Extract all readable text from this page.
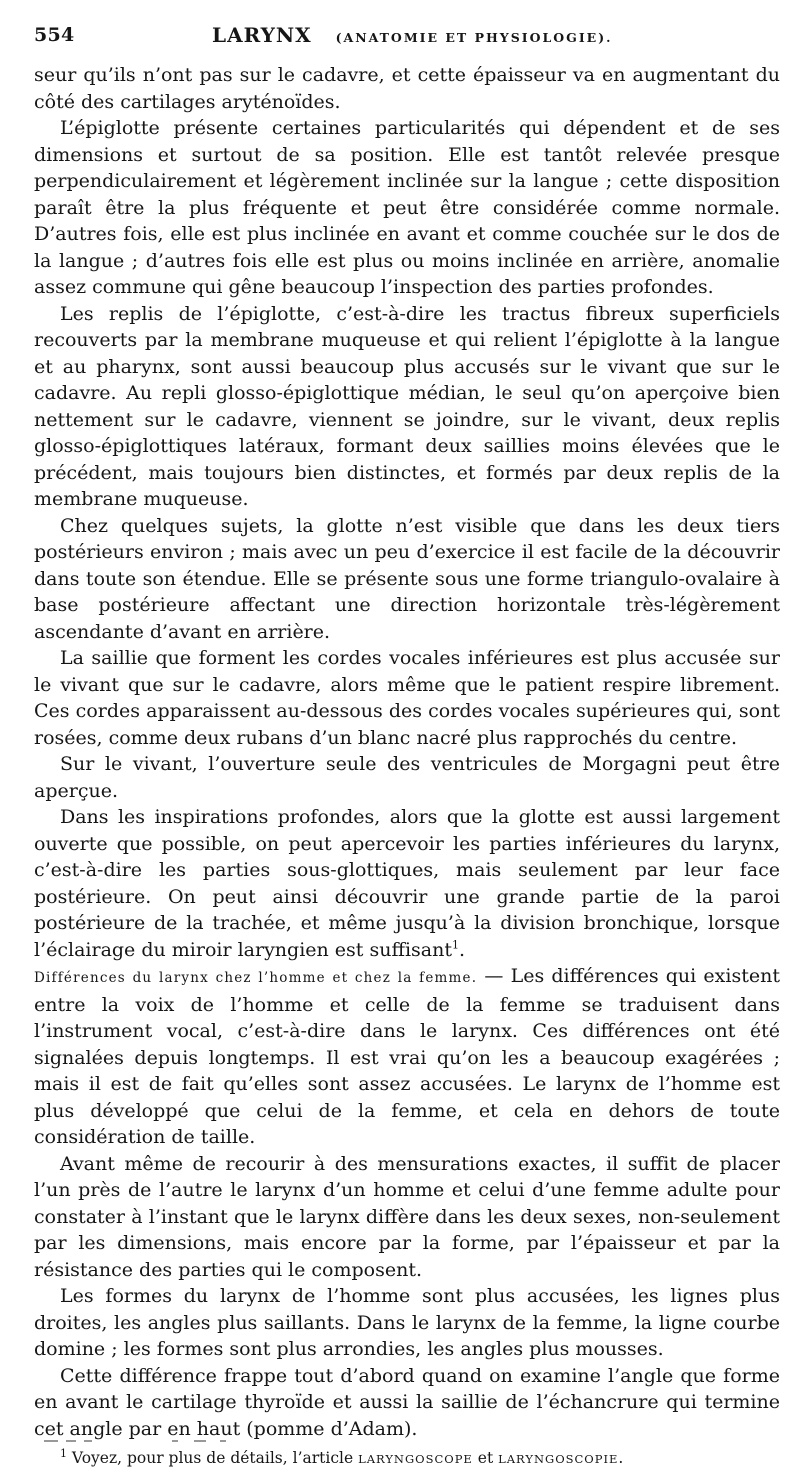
554	LARYNX (ANATOMIE ET PHYSIOLOGIE).

seur qu’ils n’ont pas sur le cadavre, et cette épaisseur va en augmentant du côté des cartilages aryténoïdes.

L’épiglotte présente certaines particularités qui dépendent et de ses dimensions et surtout de sa position. Elle est tantôt relevée presque perpendiculairement et légèrement inclinée sur la langue ; cette disposition paraît être la plus fréquente et peut être considérée comme normale. D’autres fois, elle est plus inclinée en avant et comme couchée sur le dos de la langue ; d’autres fois elle est plus ou moins inclinée en arrière, anomalie assez commune qui gêne beaucoup l’inspection des parties profondes.

Les replis de l’épiglotte, c’est-à-dire les tractus fibreux superficiels recouverts par la membrane muqueuse et qui relient l’épiglotte à la langue et au pharynx, sont aussi beaucoup plus accusés sur le vivant que sur le cadavre. Au repli glosso-épiglottique médian, le seul qu’on aperçoive bien nettement sur le cadavre, viennent se joindre, sur le vivant, deux replis glosso-épiglottiques latéraux, formant deux saillies moins élevées que le précédent, mais toujours bien distinctes, et formés par deux replis de la membrane muqueuse.

Chez quelques sujets, la glotte n’est visible que dans les deux tiers postérieurs environ ; mais avec un peu d’exercice il est facile de la découvrir dans toute son étendue. Elle se présente sous une forme triangulo-ovalaire à base postérieure affectant une direction horizontale très-légèrement ascendante d’avant en arrière.

La saillie que forment les cordes vocales inférieures est plus accusée sur le vivant que sur le cadavre, alors même que le patient respire librement. Ces cordes apparaissent au-dessous des cordes vocales supérieures qui, sont rosées, comme deux rubans d’un blanc nacré plus rapprochés du centre.

Sur le vivant, l’ouverture seule des ventricules de Morgagni peut être aperçue.

Dans les inspirations profondes, alors que la glotte est aussi largement ouverte que possible, on peut apercevoir les parties inférieures du larynx, c’est-à-dire les parties sous-glottiques, mais seulement par leur face postérieure. On peut ainsi découvrir une grande partie de la paroi postérieure de la trachée, et même jusqu’à la division bronchique, lorsque l’éclairage du miroir laryngien est suffisant$^1$.

Différences du larynx chez l’homme et chez la femme. — Les différences qui existent entre la voix de l’homme et celle de la femme se traduisent dans l’instrument vocal, c’est-à-dire dans le larynx. Ces différences ont été signalées depuis longtemps. Il est vrai qu’on les a beaucoup exagérées ; mais il est de fait qu’elles sont assez accusées. Le larynx de l’homme est plus développé que celui de la femme, et cela en dehors de toute considération de taille.

Avant même de recourir à des mensurations exactes, il suffit de placer l’un près de l’autre le larynx d’un homme et celui d’une femme adulte pour constater à l’instant que le larynx diffère dans les deux sexes, non-seulement par les dimensions, mais encore par la forme, par l’épaisseur et par la résistance des parties qui le composent.

Les formes du larynx de l’homme sont plus accusées, les lignes plus droites, les angles plus saillants. Dans le larynx de la femme, la ligne courbe domine ; les formes sont plus arrondies, les angles plus mousses.

Cette différence frappe tout d’abord quand on examine l’angle que forme en avant le cartilage thyroïde et aussi la saillie de l’échancrure qui termine cet angle par en haut (pomme d’Adam).

$^1$ Voyez, pour plus de détails, l’article LARYNGOSCOPE et LARYNGOSCOPIE.
